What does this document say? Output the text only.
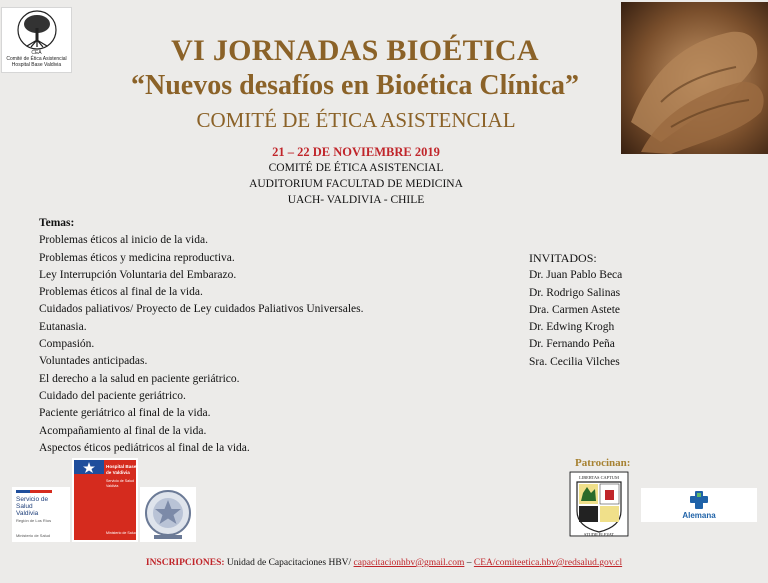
CEA
Comité de Ética Asistencial
Hospital Base Valdivia	VI JORNADAS BIOÉTICA
“Nuevos desafíos en Bioética Clínica”
COMITÉ DE ÉTICA ASISTENCIAL
21 – 22 DE NOVIEMBRE 2019
COMITÉ DE ÉTICA ASISTENCIAL
AUDITORIUM FACULTAD DE MEDICINA
UACH- VALDIVIA - CHILE
Temas:
Problemas éticos al inicio de la vida.
Problemas éticos y medicina reproductiva.
Ley Interrupción Voluntaria del Embarazo.
Problemas éticos al final de la vida.
Cuidados paliativos/ Proyecto de Ley cuidados Paliativos Universales.
Eutanasia.
Compasión.
Voluntades anticipadas.
El derecho a la salud en paciente geriátrico.
Cuidado del paciente geriátrico.
Paciente geriátrico al final de la vida.
Acompañamiento al final de la vida.
Aspectos éticos pediátricos al final de la vida.
INVITADOS:
Dr. Juan Pablo Beca
Dr. Rodrigo Salinas
Dra. Carmen Astete
Dr. Edwing Krogh
Dr. Fernando Peña
Sra. Cecilia Vilches
Patrocinan:
Servicio de
Salud
Valdivia
Región de Los Ríos
Ministerio de Salud
Hospital Base
de Valdivia
Servicio de Salud
Valdivia
Ministerio de Salud
LIBERTAS CAPTUM
STUDII ELEVAT
Alemana
INSCRIPCIONES: Unidad de Capacitaciones HBV/ capacitacionhbv@gmail.com – CEA/comiteetica.hbv@redsalud.gov.cl
